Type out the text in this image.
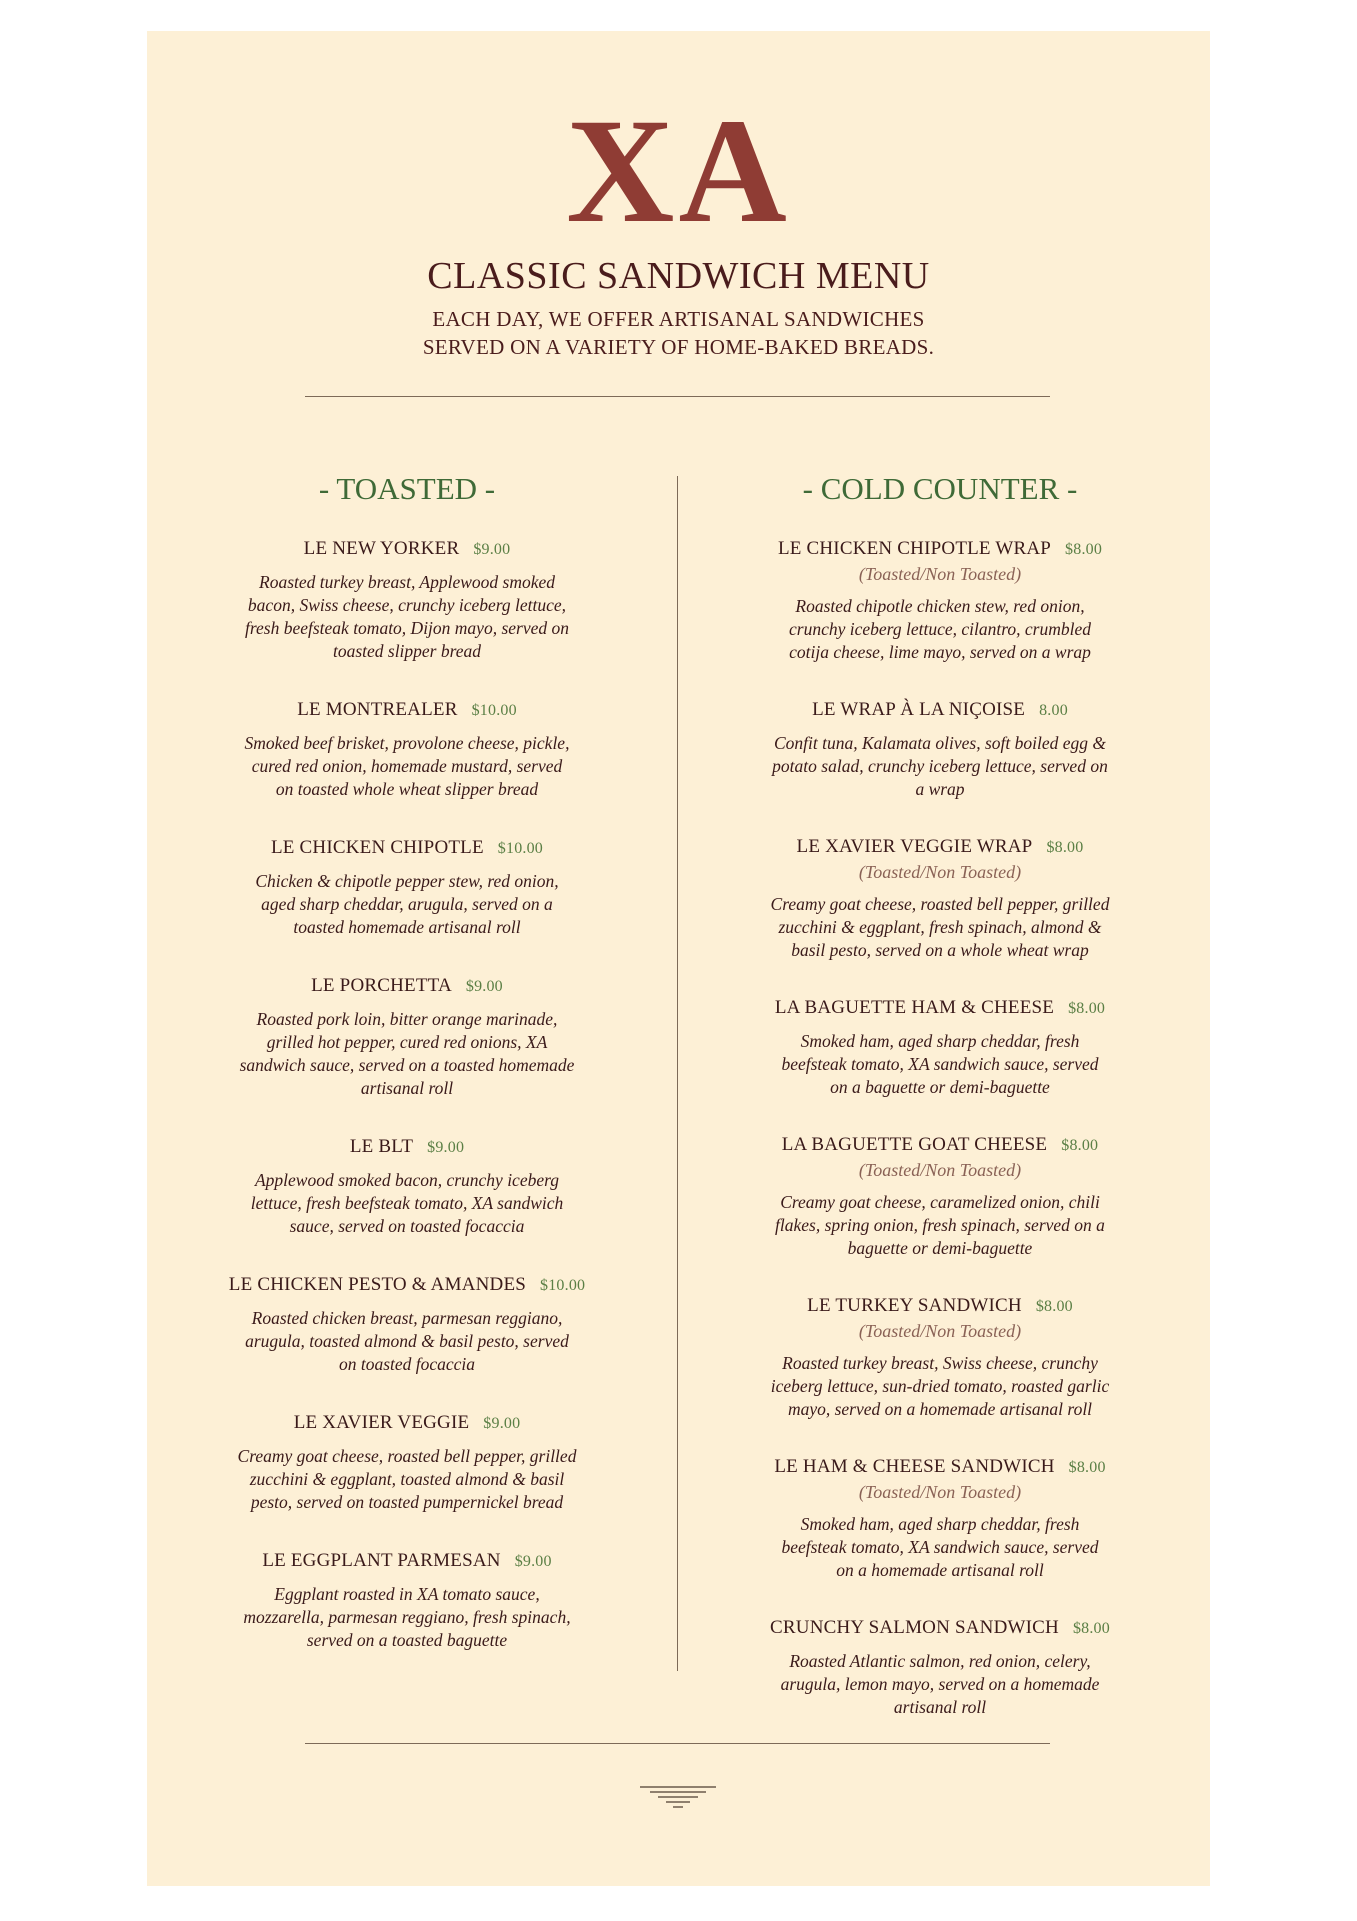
XA
CLASSIC SANDWICH MENU
EACH DAY, WE OFFER ARTISANAL SANDWICHES
SERVED ON A VARIETY OF HOME-BAKED BREADS.
- TOASTED -
LE NEW YORKER $9.00
Roasted turkey breast, Applewood smoked
bacon, Swiss cheese, crunchy iceberg lettuce,
fresh beefsteak tomato, Dijon mayo, served on
toasted slipper bread
LE MONTREALER $10.00
Smoked beef brisket, provolone cheese, pickle,
cured red onion, homemade mustard, served
on toasted whole wheat slipper bread
LE CHICKEN CHIPOTLE $10.00
Chicken & chipotle pepper stew, red onion,
aged sharp cheddar, arugula, served on a
toasted homemade artisanal roll
LE PORCHETTA $9.00
Roasted pork loin, bitter orange marinade,
grilled hot pepper, cured red onions, XA
sandwich sauce, served on a toasted homemade
artisanal roll
LE BLT $9.00
Applewood smoked bacon, crunchy iceberg
lettuce, fresh beefsteak tomato, XA sandwich
sauce, served on toasted focaccia
LE CHICKEN PESTO & AMANDES $10.00
Roasted chicken breast, parmesan reggiano,
arugula, toasted almond & basil pesto, served
on toasted focaccia
LE XAVIER VEGGIE $9.00
Creamy goat cheese, roasted bell pepper, grilled
zucchini & eggplant, toasted almond & basil
pesto, served on toasted pumpernickel bread
LE EGGPLANT PARMESAN $9.00
Eggplant roasted in XA tomato sauce,
mozzarella, parmesan reggiano, fresh spinach,
served on a toasted baguette
- COLD COUNTER -
LE CHICKEN CHIPOTLE WRAP $8.00
(Toasted/Non Toasted)
Roasted chipotle chicken stew, red onion,
crunchy iceberg lettuce, cilantro, crumbled
cotija cheese, lime mayo, served on a wrap
LE WRAP À LA NIÇOISE 8.00
Confit tuna, Kalamata olives, soft boiled egg &
potato salad, crunchy iceberg lettuce, served on
a wrap
LE XAVIER VEGGIE WRAP $8.00
(Toasted/Non Toasted)
Creamy goat cheese, roasted bell pepper, grilled
zucchini & eggplant, fresh spinach, almond &
basil pesto, served on a whole wheat wrap
LA BAGUETTE HAM & CHEESE $8.00
Smoked ham, aged sharp cheddar, fresh
beefsteak tomato, XA sandwich sauce, served
on a baguette or demi-baguette
LA BAGUETTE GOAT CHEESE $8.00
(Toasted/Non Toasted)
Creamy goat cheese, caramelized onion, chili
flakes, spring onion, fresh spinach, served on a
baguette or demi-baguette
LE TURKEY SANDWICH $8.00
(Toasted/Non Toasted)
Roasted turkey breast, Swiss cheese, crunchy
iceberg lettuce, sun-dried tomato, roasted garlic
mayo, served on a homemade artisanal roll
LE HAM & CHEESE SANDWICH $8.00
(Toasted/Non Toasted)
Smoked ham, aged sharp cheddar, fresh
beefsteak tomato, XA sandwich sauce, served
on a homemade artisanal roll
CRUNCHY SALMON SANDWICH $8.00
Roasted Atlantic salmon, red onion, celery,
arugula, lemon mayo, served on a homemade
artisanal roll
